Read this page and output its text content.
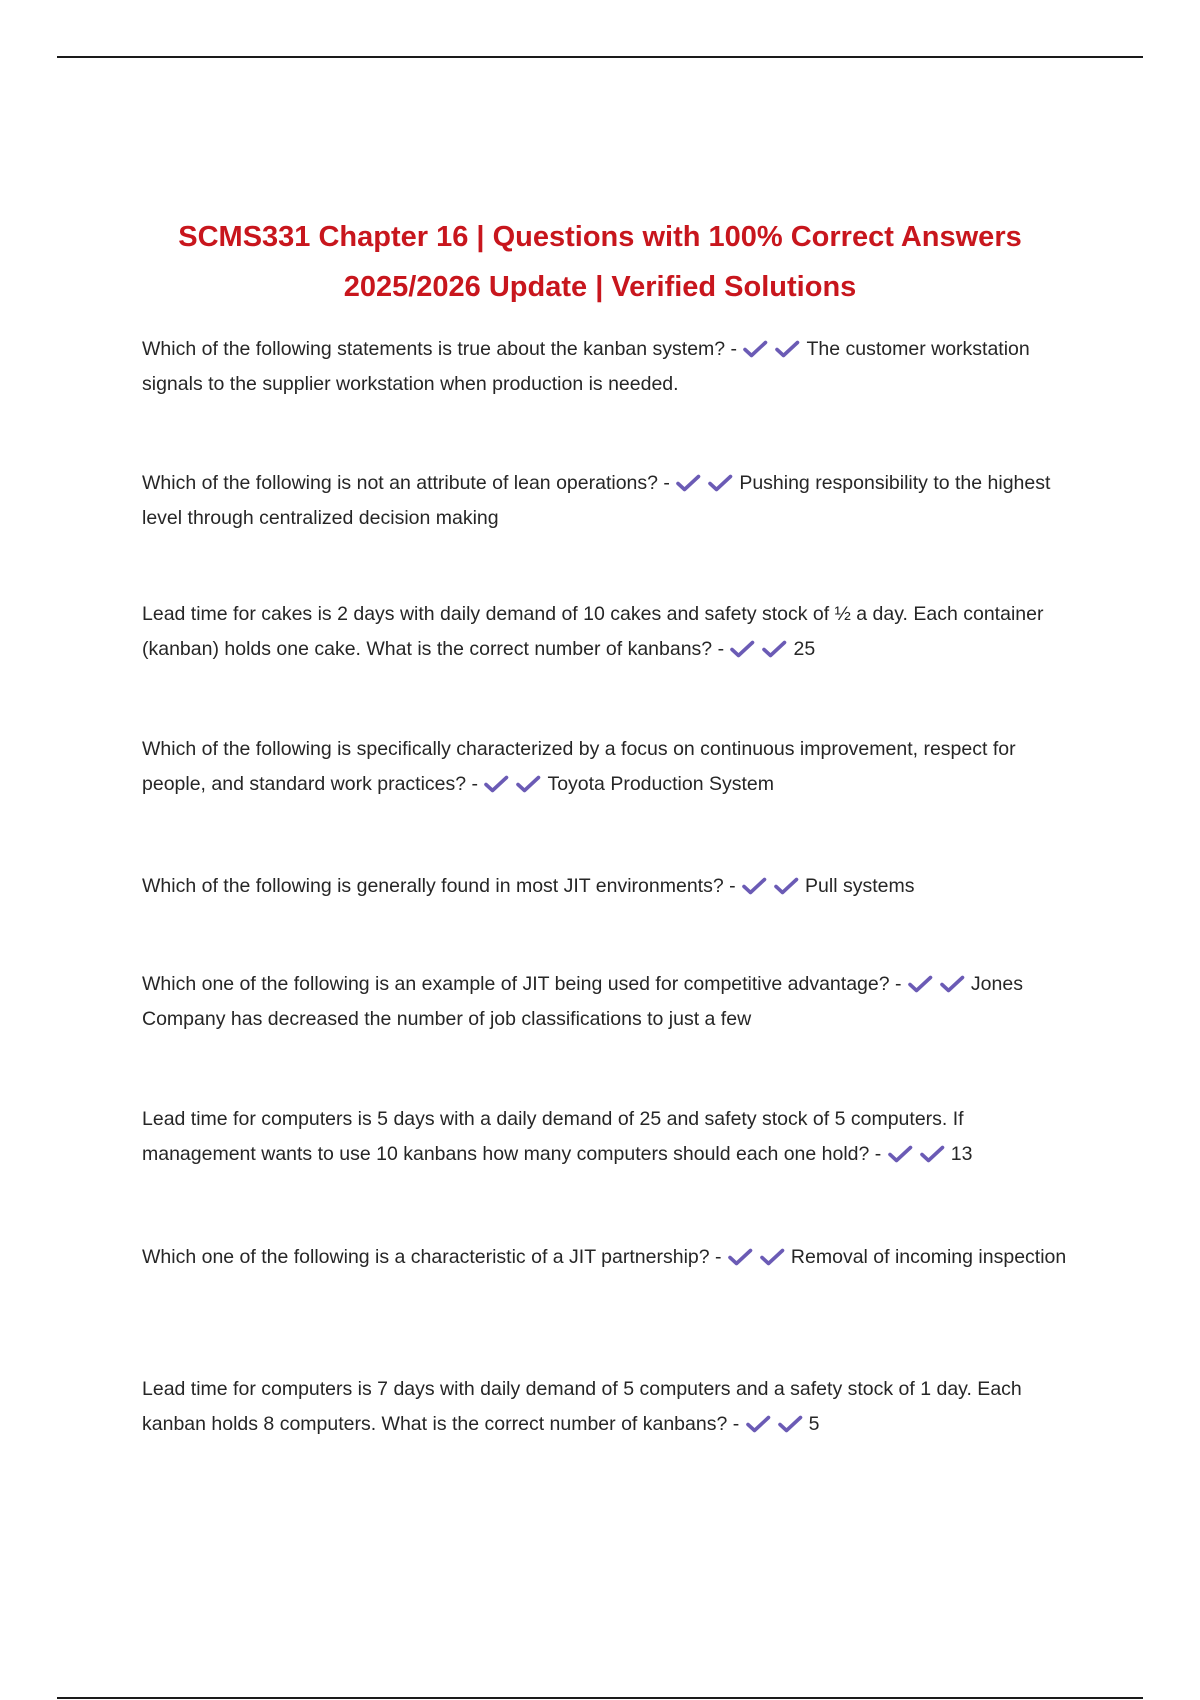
SCMS331 Chapter 16 | Questions with 100% Correct Answers
2025/2026 Update | Verified Solutions
Which of the following statements is true about the kanban system? -	The customer workstation signals to the supplier workstation when production is needed.
Which of the following is not an attribute of lean operations? -	Pushing responsibility to the highest level through centralized decision making
Lead time for cakes is 2 days with daily demand of 10 cakes and safety stock of ½ a day. Each container (kanban) holds one cake. What is the correct number of kanbans? -	25
Which of the following is specifically characterized by a focus on continuous improvement, respect for people, and standard work practices? -	Toyota Production System
Which of the following is generally found in most JIT environments? -	Pull systems
Which one of the following is an example of JIT being used for competitive advantage? -	Jones Company has decreased the number of job classifications to just a few
Lead time for computers is 5 days with a daily demand of 25 and safety stock of 5 computers. If management wants to use 10 kanbans how many computers should each one hold? -	13
Which one of the following is a characteristic of a JIT partnership? -	Removal of incoming inspection
Lead time for computers is 7 days with daily demand of 5 computers and a safety stock of 1 day. Each kanban holds 8 computers. What is the correct number of kanbans? -	5
